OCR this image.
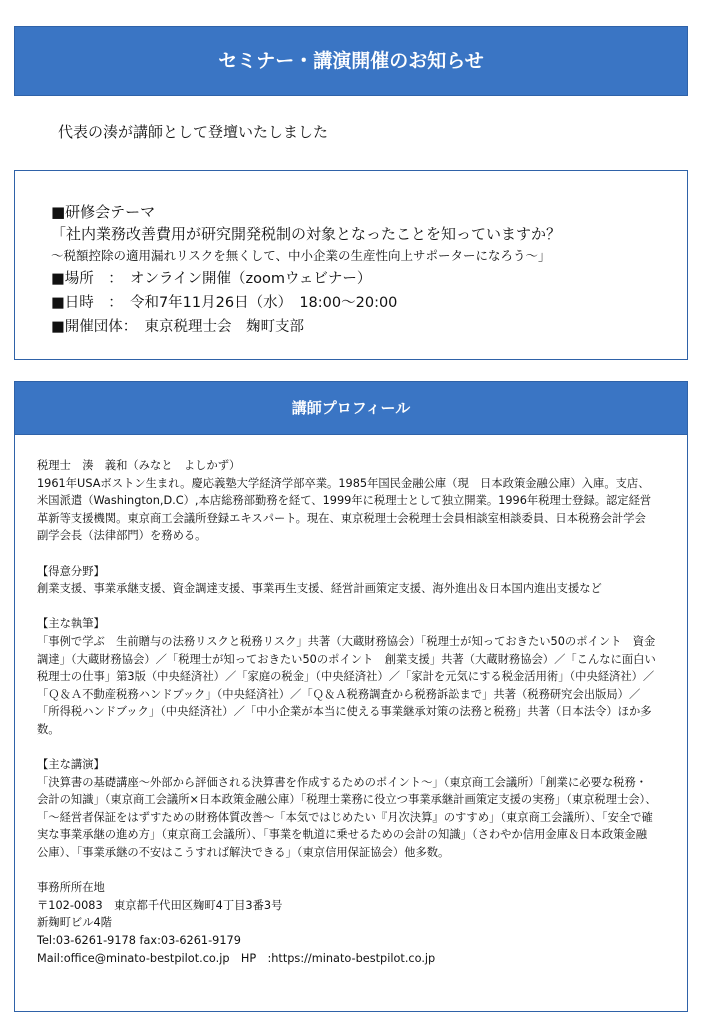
セミナー・講演開催のお知らせ

代表の湊が講師として登壇いたしました

■研修会テーマ

「社内業務改善費用が研究開発税制の対象となったことを知っていますか？

〜税額控除の適用漏れリスクを無くして、中小企業の生産性向上サポーターになろう〜」

■場所　：　オンライン開催（zoomウェビナー）

■日時　：　令和7年11月26日（水）　18:00〜20:00

■開催団体：　東京税理士会　麹町支部

講師プロフィール

税理士　湊　義和（みなと　よしかず）

1961年USAボストン生まれ。慶応義塾大学経済学部卒業。1985年国民金融公庫（現　日本政策金融公庫）入庫。支店、米国派遣（Washington,D.C）,本店総務部勤務を経て、1999年に税理士として独立開業。1996年税理士登録。認定経営革新等支援機関。東京商工会議所登録エキスパート。現在、東京税理士会税理士会員相談室相談委員、日本税務会計学会副学会長（法律部門）を務める。

【得意分野】

創業支援、事業承継支援、資金調達支援、事業再生支援、経営計画策定支援、海外進出＆日本国内進出支援など

【主な執筆】

「事例で学ぶ　生前贈与の法務リスクと税務リスク」共著（大蔵財務協会）「税理士が知っておきたい50のポイント　資金調達」（大蔵財務協会）／「税理士が知っておきたい50のポイント　創業支援」共著（大蔵財務協会）／「こんなに面白い税理士の仕事」第3版（中央経済社）／「家庭の税金」（中央経済社）／「家計を元気にする税金活用術」（中央経済社）／「Ｑ＆Ａ不動産税務ハンドブック」（中央経済社）／「Ｑ＆Ａ税務調査から税務訴訟まで」共著（税務研究会出版局）／「所得税ハンドブック」（中央経済社）／「中小企業が本当に使える事業継承対策の法務と税務」共著（日本法令）ほか多数。

【主な講演】

「決算書の基礎講座〜外部から評価される決算書を作成するためのポイント〜」（東京商工会議所）「創業に必要な税務・会計の知識」（東京商工会議所×日本政策金融公庫）「税理士業務に役立つ事業承継計画策定支援の実務」（東京税理士会）、「〜経営者保証をはずすための財務体質改善〜「本気ではじめたい『月次決算』のすすめ」（東京商工会議所）、「安全で確実な事業承継の進め方」（東京商工会議所）、「事業を軌道に乗せるための会計の知識」（さわやか信用金庫＆日本政策金融公庫）、「事業承継の不安はこうすれば解決できる」（東京信用保証協会）他多数。

事務所所在地

〒102-0083　東京都千代田区麹町4丁目3番3号

新麹町ビル4階

Tel:03-6261-9178 fax:03-6261-9179

Mail:office@minato-bestpilot.co.jp　HP　:https://minato-bestpilot.co.jp
